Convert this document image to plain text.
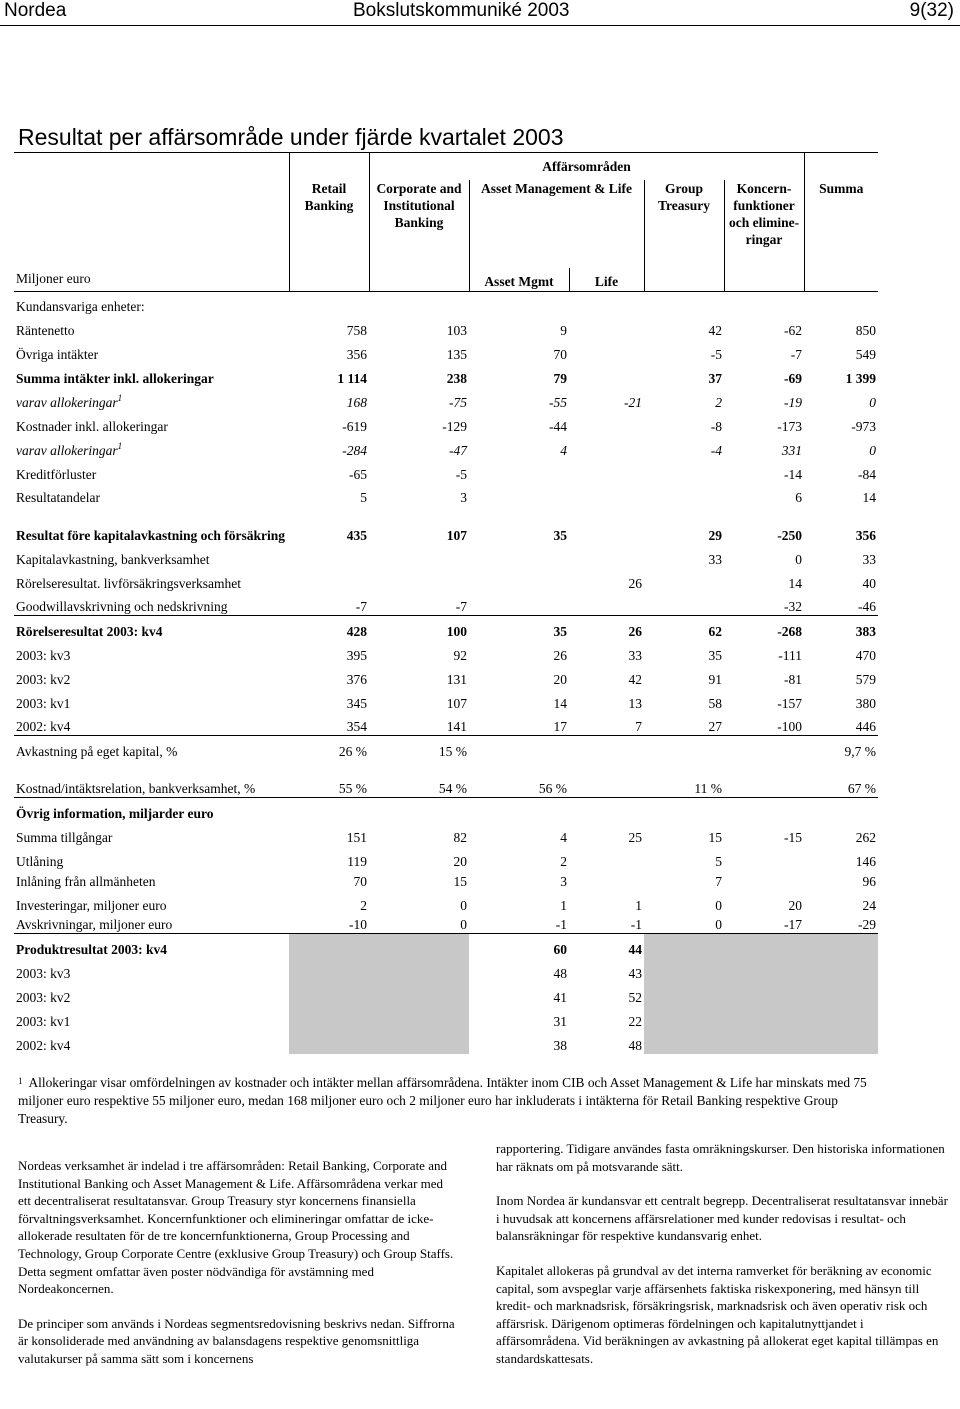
Nordea	Bokslutskommuniké 2003	9(32)
Resultat per affärsområde under fjärde kvartalet 2003
Miljoner euro		Affärsområden					
	Retail Banking	Corporate and Institutional Banking	Asset Management & Life		Group Treasury	Koncern-funktioner och elimine-ringar	Summa
			Asset Mgmt	Life			

Kundansvariga enheter:							
Räntenetto	758	103	9		42	-62	850
Övriga intäkter	356	135	70		-5	-7	549
Summa intäkter inkl. allokeringar	1 114	238	79		37	-69	1 399
varav allokeringar$^1$	168	-75	-55	-21	2	-19	0
Kostnader inkl. allokeringar	-619	-129	-44		-8	-173	-973
varav allokeringar$^1$	-284	-47	4		-4	331	0
Kreditförluster	-65	-5				-14	-84
Resultatandelar	5	3				6	14
Resultat före kapitalavkastning och försäkring	435	107	35		29	-250	356
Kapitalavkastning, bankverksamhet					33	0	33
Rörelseresultat. livförsäkringsverksamhet				26		14	40
Goodwillavskrivning och nedskrivning	-7	-7				-32	-46
Rörelseresultat 2003: kv4	428	100	35	26	62	-268	383
2003: kv3	395	92	26	33	35	-111	470
2003: kv2	376	131	20	42	91	-81	579
2003: kv1	345	107	14	13	58	-157	380
2002: kv4	354	141	17	7	27	-100	446
Avkastning på eget kapital, %	26 %	15 %					9,7 %
Kostnad/intäktsrelation, bankverksamhet, %	55 %	54 %	56 %		11 %		67 %
Övrig information, miljarder euro							
Summa tillgångar	151	82	4	25	15	-15	262
Utlåning	119	20	2		5		146
Inlåning från allmänheten	70	15	3		7		96
Investeringar, miljoner euro	2	0	1	1	0	20	24
Avskrivningar, miljoner euro	-10	0	-1	-1	0	-17	-29
Produktresultat 2003: kv4			60	44			
2003: kv3			48	43			
2003: kv2			41	52			
2003: kv1			31	22			
2002: kv4			38	48			

$^1$ Allokeringar visar omfördelningen av kostnader och intäkter mellan affärsområdena. Intäkter inom CIB och Asset Management & Life har minskats med 75 miljoner euro respektive 55 miljoner euro, medan 168 miljoner euro och 2 miljoner euro har inkluderats i intäkterna för Retail Banking respektive Group Treasury.

Nordeas verksamhet är indelad i tre affärsområden: Retail Banking, Corporate and Institutional Banking och Asset Management & Life. Affärsområdena verkar med ett decentraliserat resultatansvar. Group Treasury styr koncernens finansiella förvaltningsverksamhet. Koncernfunktioner och elimineringar omfattar de icke-allokerade resultaten för de tre koncernfunktionerna, Group Processing and Technology, Group Corporate Centre (exklusive Group Treasury) och Group Staffs. Detta segment omfattar även poster nödvändiga för avstämning med Nordeakoncernen.

De principer som används i Nordeas segmentsredovisning beskrivs nedan. Siffrorna är konsoliderade med användning av balansdagens respektive genomsnittliga valutakurser på samma sätt som i koncernens

rapportering. Tidigare användes fasta omräkningskurser. Den historiska informationen har räknats om på motsvarande sätt.

Inom Nordea är kundansvar ett centralt begrepp. Decentraliserat resultatansvar innebär i huvudsak att koncernens affärsrelationer med kunder redovisas i resultat- och balansräkningar för respektive kundansvarig enhet.

Kapitalet allokeras på grundval av det interna ramverket för beräkning av economic capital, som avspeglar varje affärsenhets faktiska riskexponering, med hänsyn till kredit- och marknadsrisk, försäkringsrisk, marknadsrisk och även operativ risk och affärsrisk. Därigenom optimeras fördelningen och kapitalutnyttjandet i affärsområdena. Vid beräkningen av avkastning på allokerat eget kapital tillämpas en standardskattesats.
